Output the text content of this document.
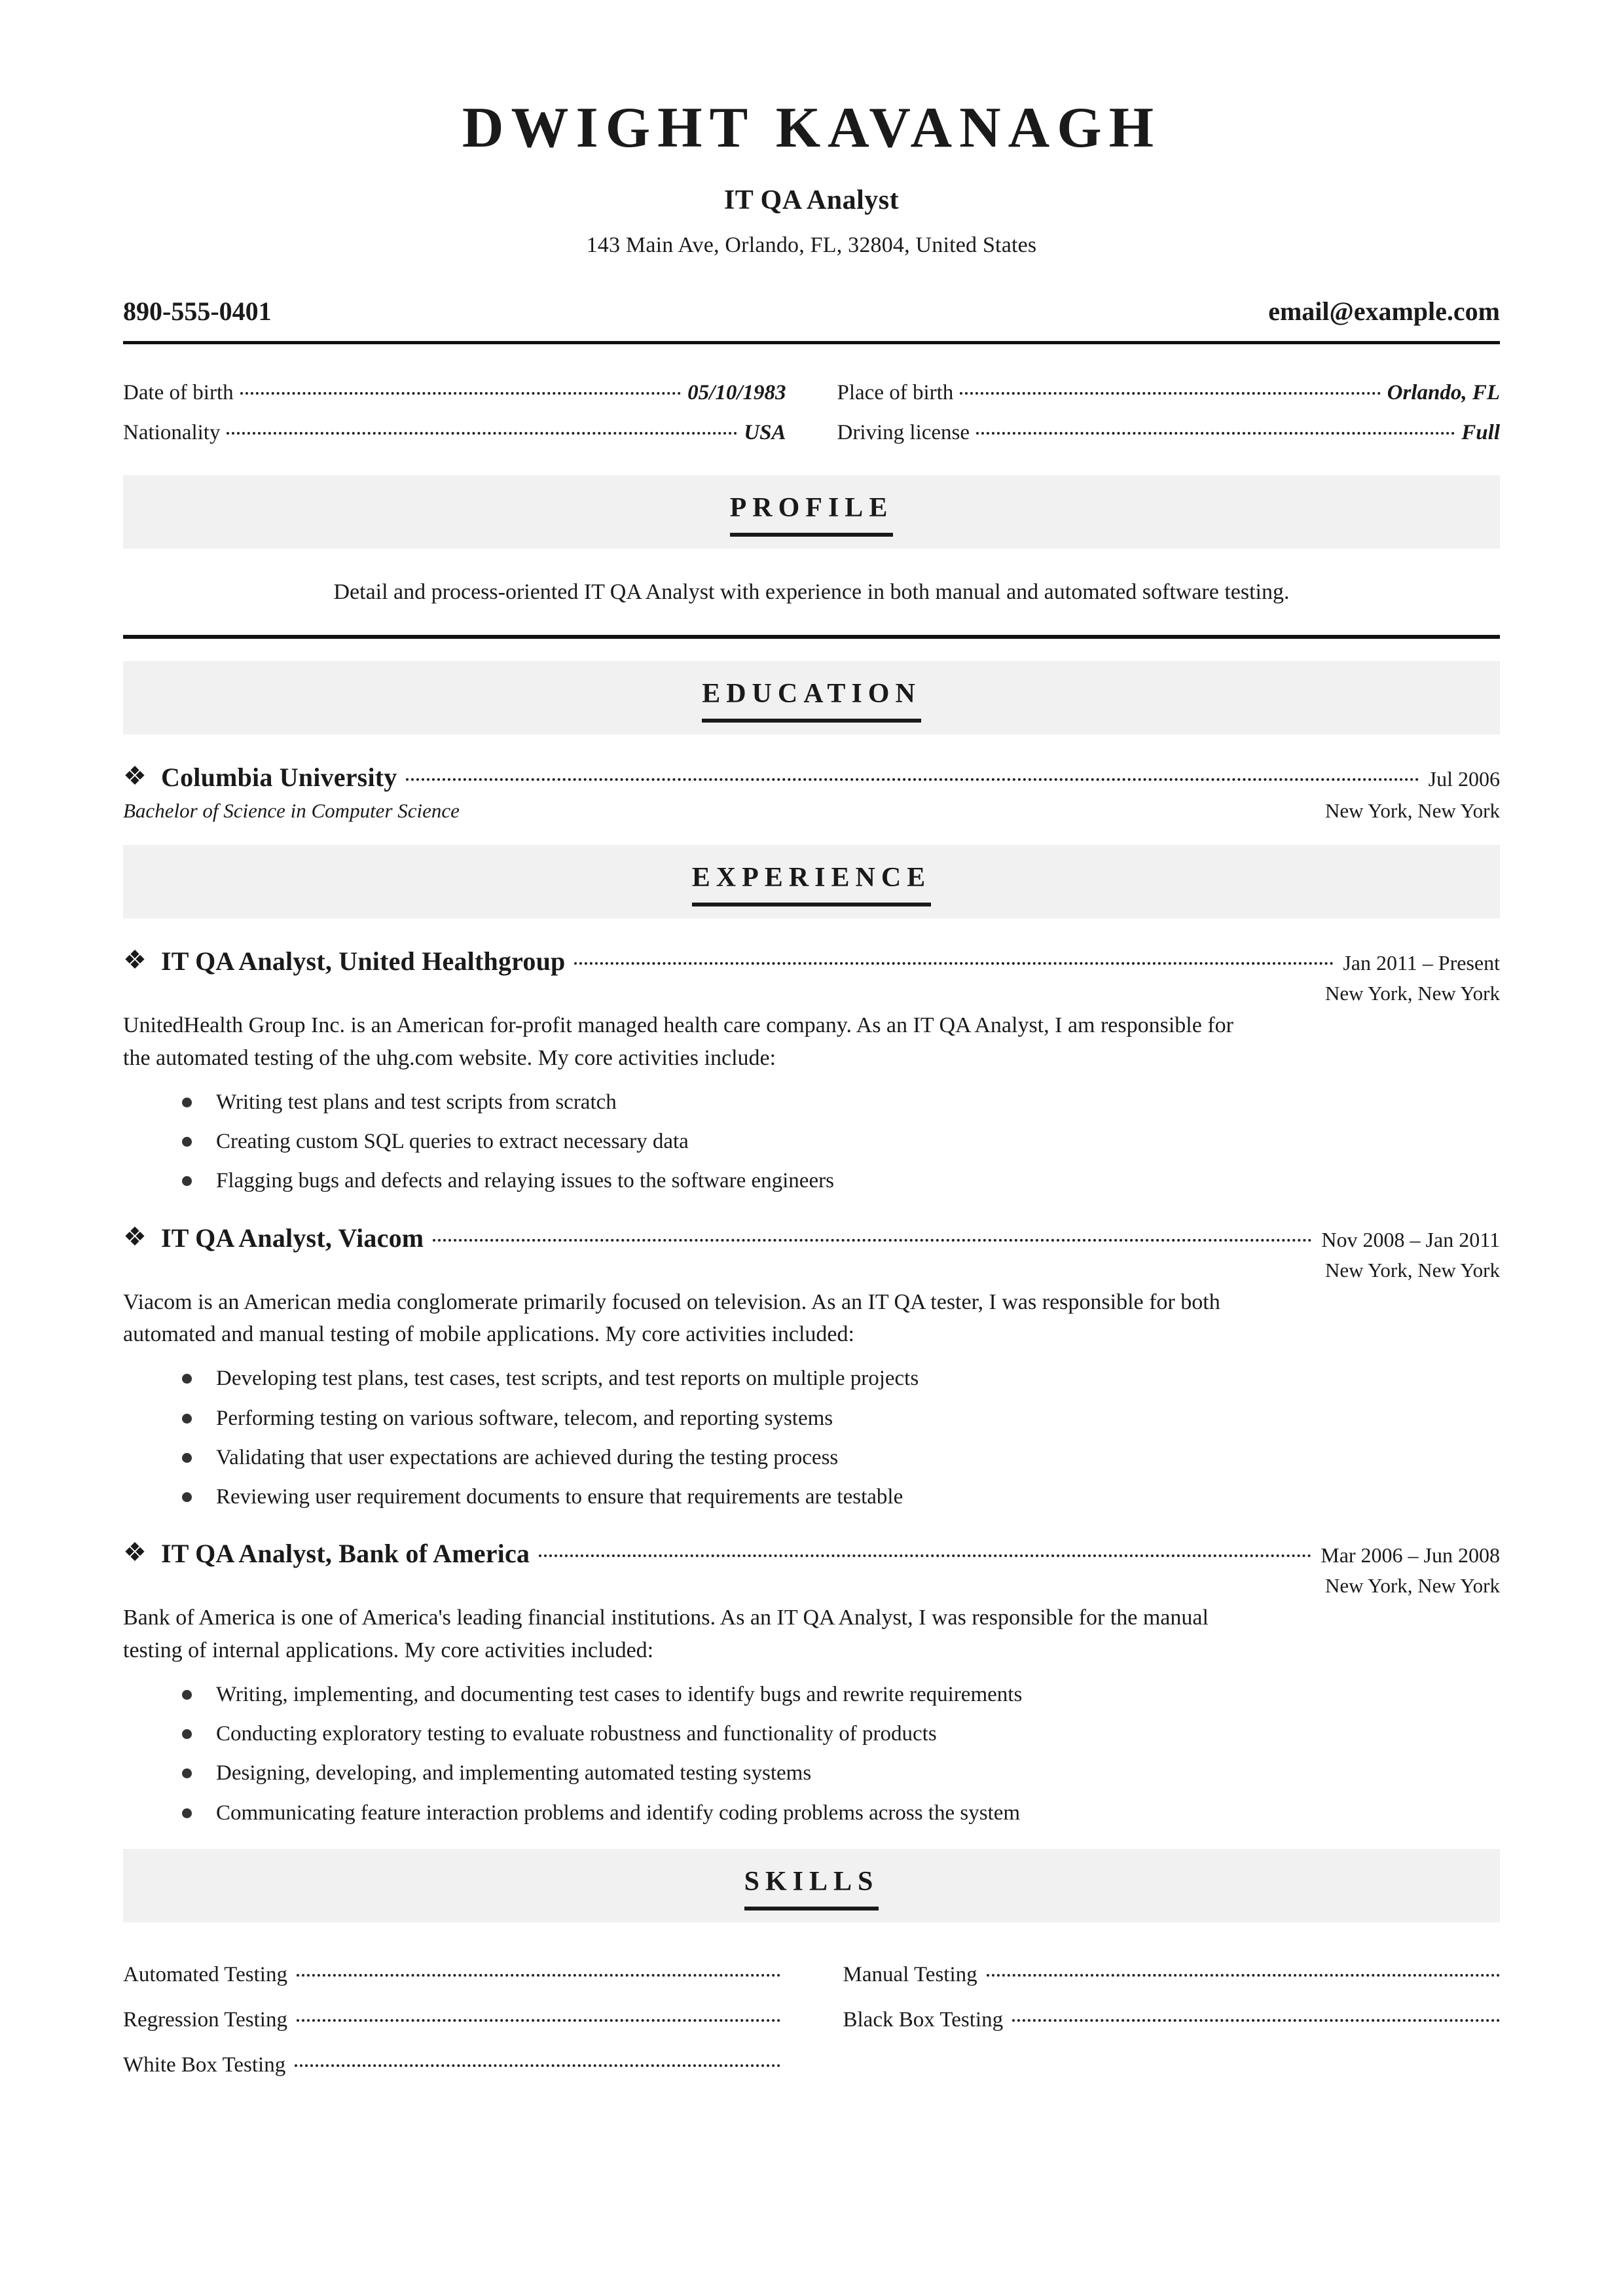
DWIGHT KAVANAGH
IT QA Analyst
143 Main Ave, Orlando, FL, 32804, United States
890-555-0401	email@example.com
Date of birth	05/10/1983 Place of birth	Orlando, FL
Nationality	USA Driving license	Full
PROFILE
Detail and process-oriented IT QA Analyst with experience in both manual and automated software testing.
EDUCATION
❖ Columbia University	Jul 2006
Bachelor of Science in Computer Science	New York, New York
EXPERIENCE
❖ IT QA Analyst, United Healthgroup	Jan 2011 – Present
New York, New York
UnitedHealth Group Inc. is an American for-profit managed health care company. As an IT QA Analyst, I am responsible for the automated testing of the uhg.com website. My core activities include:
Writing test plans and test scripts from scratch
Creating custom SQL queries to extract necessary data
Flagging bugs and defects and relaying issues to the software engineers
❖ IT QA Analyst, Viacom	Nov 2008 – Jan 2011
New York, New York
Viacom is an American media conglomerate primarily focused on television. As an IT QA tester, I was responsible for both automated and manual testing of mobile applications. My core activities included:
Developing test plans, test cases, test scripts, and test reports on multiple projects
Performing testing on various software, telecom, and reporting systems
Validating that user expectations are achieved during the testing process
Reviewing user requirement documents to ensure that requirements are testable
❖ IT QA Analyst, Bank of America	Mar 2006 – Jun 2008
New York, New York
Bank of America is one of America's leading financial institutions. As an IT QA Analyst, I was responsible for the manual testing of internal applications. My core activities included:
Writing, implementing, and documenting test cases to identify bugs and rewrite requirements
Conducting exploratory testing to evaluate robustness and functionality of products
Designing, developing, and implementing automated testing systems
Communicating feature interaction problems and identify coding problems across the system
SKILLS
Automated Testing	Manual Testing
Regression Testing	Black Box Testing
White Box Testing
